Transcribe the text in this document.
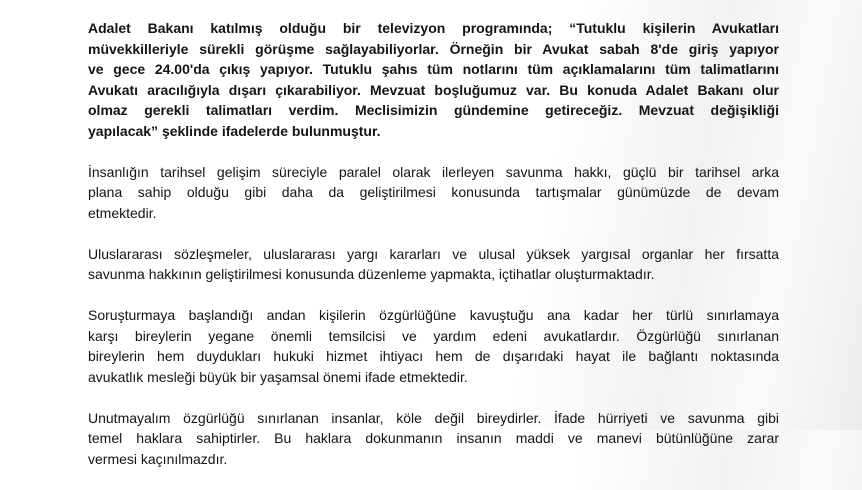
Adalet Bakanı katılmış olduğu bir televizyon programında; “Tutuklu kişilerin Avukatları
müvekkilleriyle sürekli görüşme sağlayabiliyorlar. Örneğin bir Avukat sabah 8'de giriş yapıyor
ve gece 24.00'da çıkış yapıyor. Tutuklu şahıs tüm notlarını tüm açıklamalarını tüm talimatlarını
Avukatı aracılığıyla dışarı çıkarabiliyor. Mevzuat boşluğumuz var. Bu konuda Adalet Bakanı olur
olmaz gerekli talimatları verdim. Meclisimizin gündemine getireceğiz. Mevzuat değişikliği
yapılacak” şeklinde ifadelerde bulunmuştur.

İnsanlığın tarihsel gelişim süreciyle paralel olarak ilerleyen savunma hakkı, güçlü bir tarihsel arka
plana sahip olduğu gibi daha da geliştirilmesi konusunda tartışmalar günümüzde de devam
etmektedir.

Uluslararası sözleşmeler, uluslararası yargı kararları ve ulusal yüksek yargısal organlar her fırsatta
savunma hakkının geliştirilmesi konusunda düzenleme yapmakta, içtihatlar oluşturmaktadır.

Soruşturmaya başlandığı andan kişilerin özgürlüğüne kavuştuğu ana kadar her türlü sınırlamaya
karşı bireylerin yegane önemli temsilcisi ve yardım edeni avukatlardır. Özgürlüğü sınırlanan
bireylerin hem duydukları hukuki hizmet ihtiyacı hem de dışarıdaki hayat ile bağlantı noktasında
avukatlık mesleği büyük bir yaşamsal önemi ifade etmektedir.

Unutmayalım özgürlüğü sınırlanan insanlar, köle değil bireydirler. İfade hürriyeti ve savunma gibi
temel haklara sahiptirler. Bu haklara dokunmanın insanın maddi ve manevi bütünlüğüne zarar
vermesi kaçınılmazdır.
